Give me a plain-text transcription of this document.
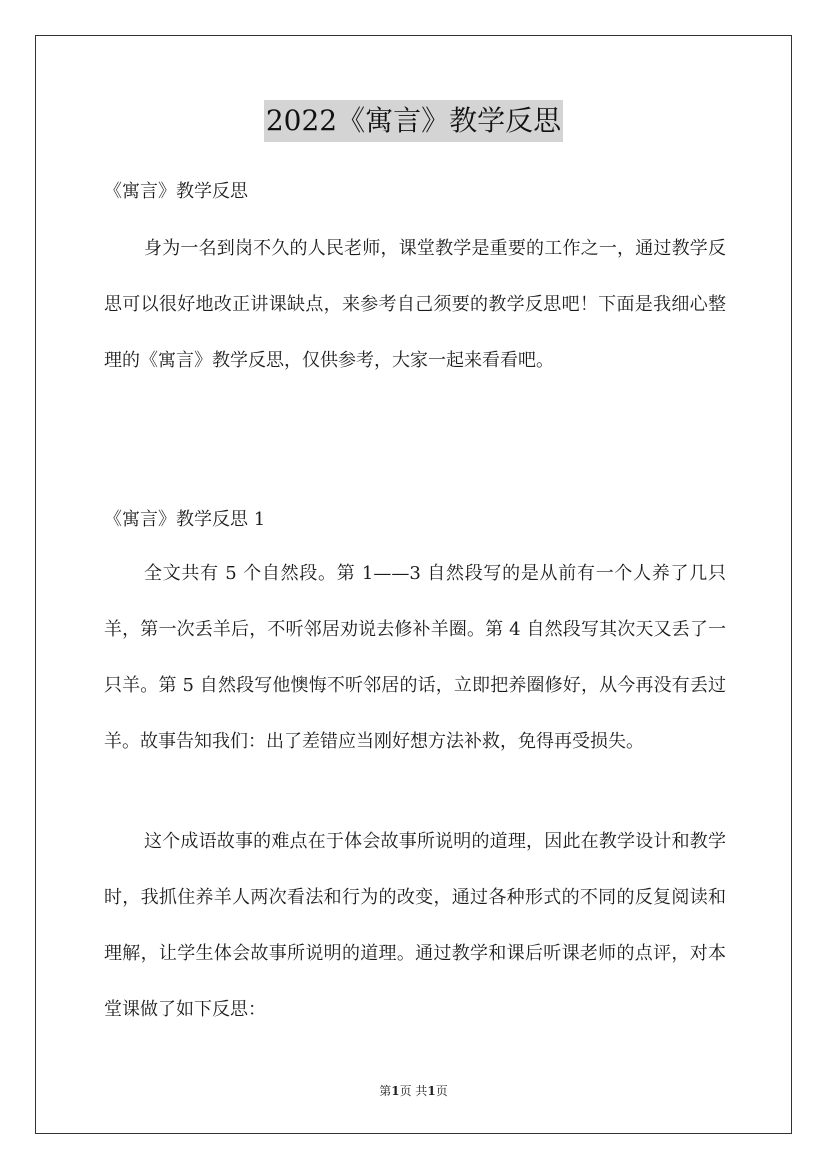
2022《寓言》教学反思
《寓言》教学反思
身为一名到岗不久的人民老师，课堂教学是重要的工作之一，通过教学反思可以很好地改正讲课缺点，来参考自己须要的教学反思吧！下面是我细心整理的《寓言》教学反思，仅供参考，大家一起来看看吧。
《寓言》教学反思 1
全文共有 5 个自然段。第 1——3 自然段写的是从前有一个人养了几只羊，第一次丢羊后，不听邻居劝说去修补羊圈。第 4 自然段写其次天又丢了一只羊。第 5 自然段写他懊悔不听邻居的话，立即把养圈修好，从今再没有丢过羊。故事告知我们：出了差错应当刚好想方法补救，免得再受损失。
这个成语故事的难点在于体会故事所说明的道理，因此在教学设计和教学时，我抓住养羊人两次看法和行为的改变，通过各种形式的不同的反复阅读和理解，让学生体会故事所说明的道理。通过教学和课后听课老师的点评，对本堂课做了如下反思：
第1页 共1页
